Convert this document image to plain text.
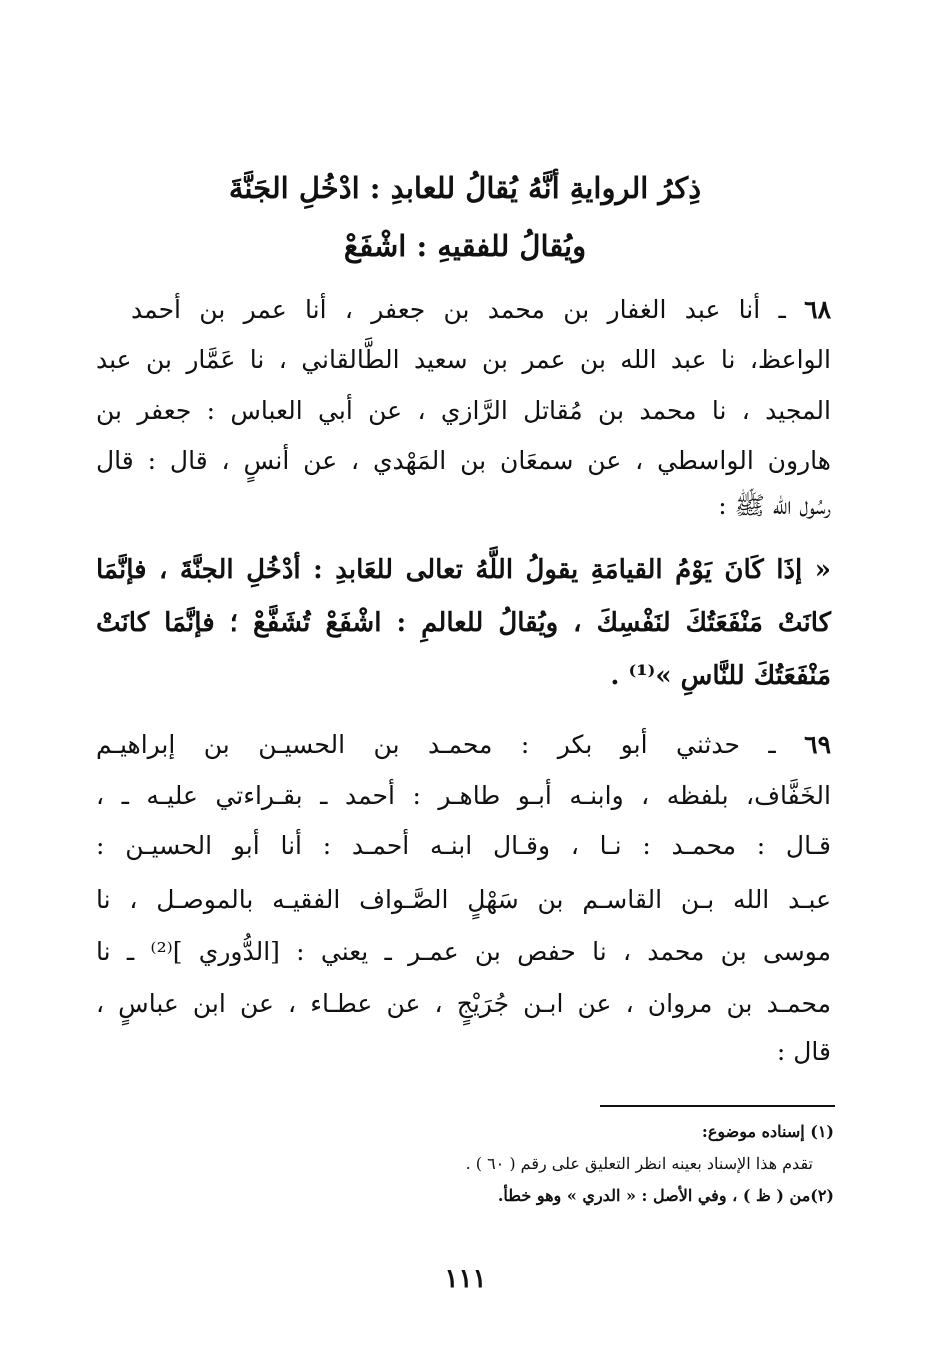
ذِكرُ الروايةِ أنَّهُ يُقالُ للعابدِ : ادْخُلِ الجَنَّةَ
ويُقالُ للفقيهِ : اشْفَعْ
٦٨ ـ أنا عبد الغفار بن محمد بن جعفر ، أنا عمر بن أحمد
الواعظ، نا عبد الله بن عمر بن سعيد الطَّالقاني ، نا عَمَّار بن عبد
المجيد ، نا محمد بن مُقاتل الرَّازي ، عن أبي العباس : جعفر بن
هارون الواسطي ، عن سمعَان بن المَهْدي ، عن أنسٍ ، قال : قال
رسُول الله ﷺ :
« إذَا كَانَ يَوْمُ القيامَةِ يقولُ اللَّهُ تعالى للعَابدِ : أدْخُلِ الجنَّةَ ، فإنَّمَا
كانَتْ مَنْفَعَتُكَ لنَفْسِكَ ، ويُقالُ للعالمِ : اشْفَعْ تُشَفَّعْ ؛ فإنَّمَا كانَتْ
مَنْفَعَتُكَ للنَّاسِ »⁽¹⁾ .
٦٩ ـ حدثني أبو بكر : محمـد بن الحسيـن بن إبراهيـم
الخَفَّاف، بلفظه ، وابنـه أبـو طاهـر : أحمد ـ بقـراءتي عليـه ـ ،
قـال : محمـد : نـا ، وقـال ابنـه أحمـد : أنا أبو الحسيـن :
عبـد الله بـن القاسـم بن سَهْلٍ الصَّـواف الفقيـه بالموصـل ، نا
موسى بن محمد ، نا حفص بن عمـر ـ يعني : [الدُّوري ]⁽²⁾ ـ نا
محمـد بن مروان ، عن ابـن جُرَيْجٍ ، عن عطـاء ، عن ابن عباسٍ ،
قال :
(١) إسناده موضوع:
تقدم هذا الإسناد بعينه انظر التعليق على رقم ( ٦٠ ) .
(٢)من ( ظ ) ، وفي الأصل : « الدري » وهو خطأ.
١١١
